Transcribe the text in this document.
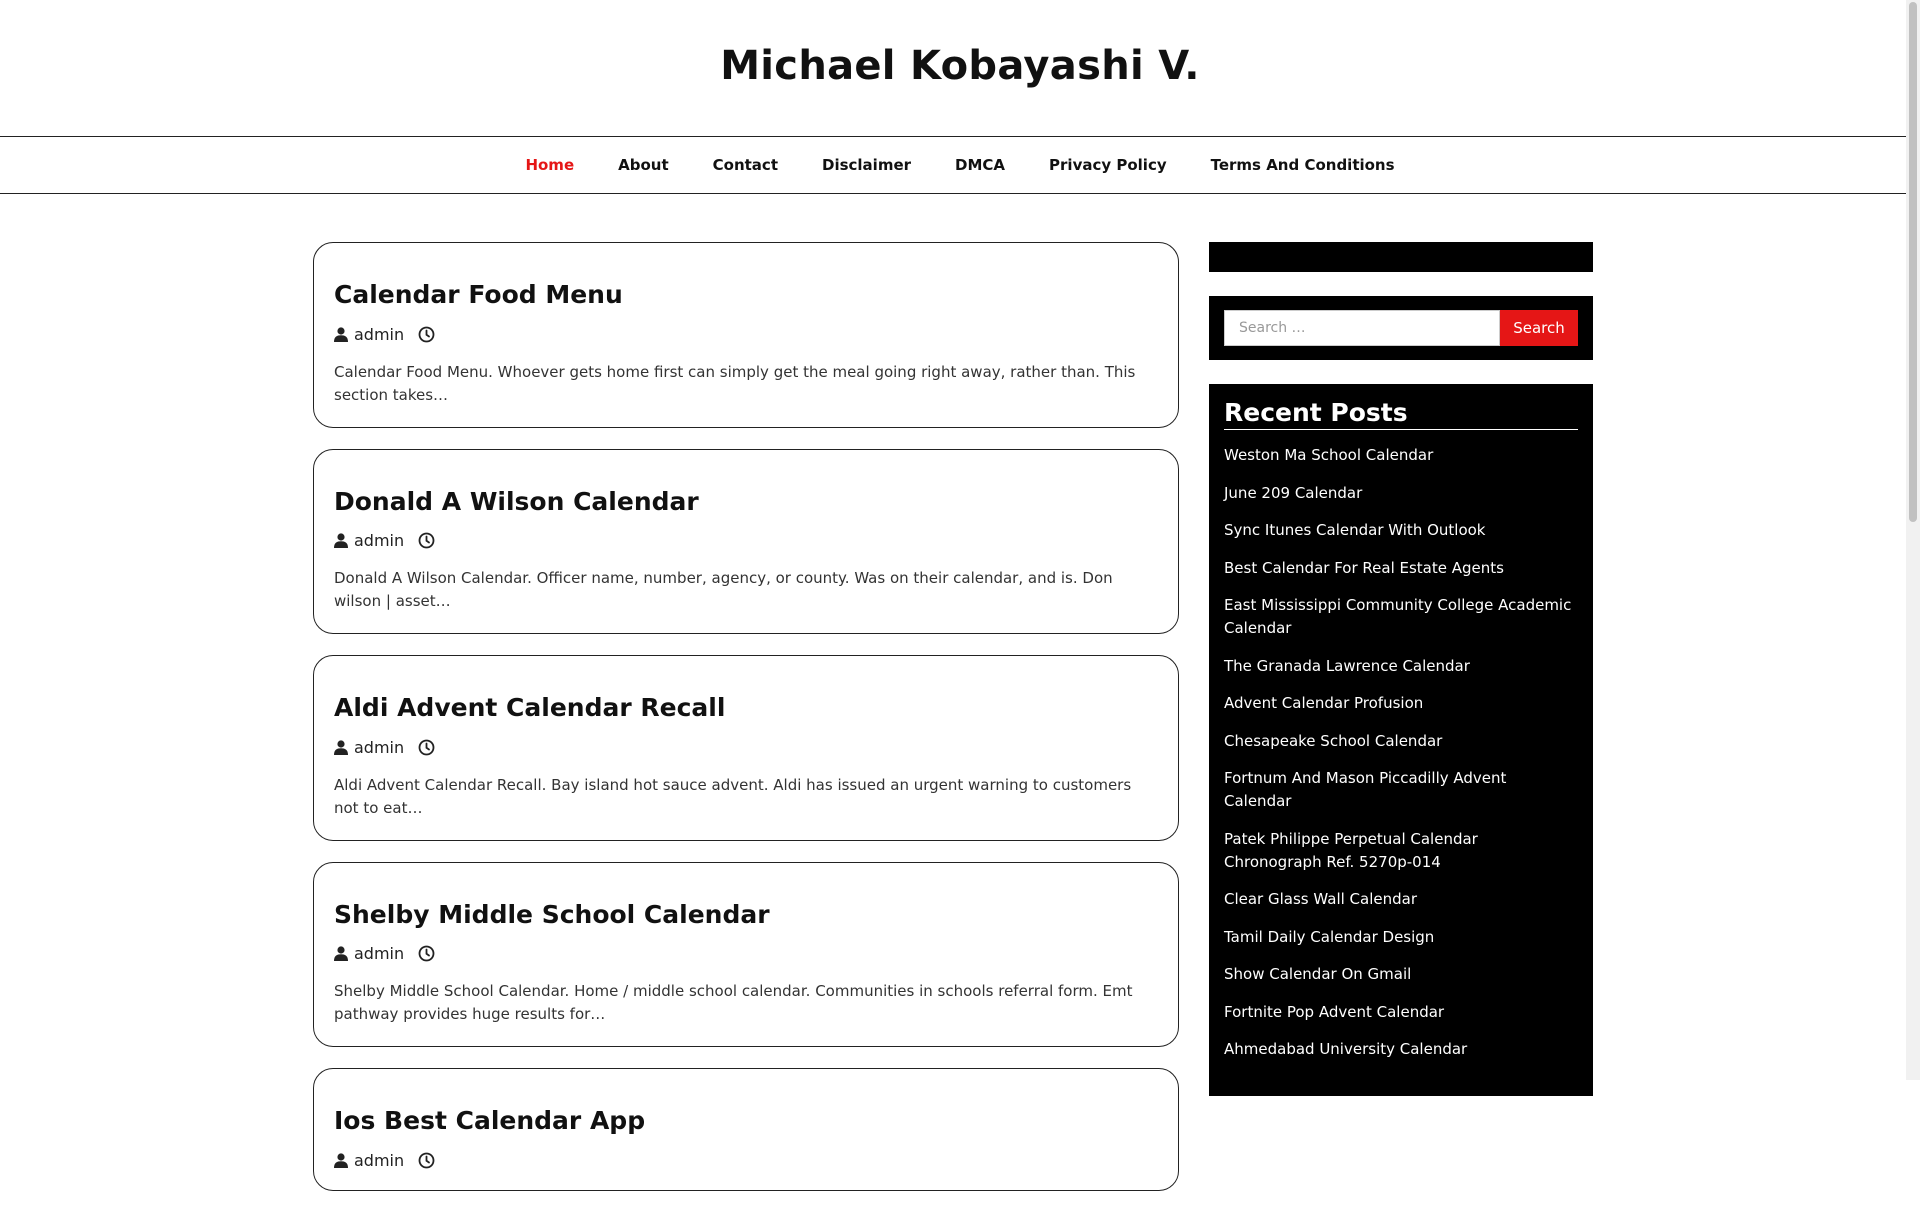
Michael Kobayashi V.
Home	About	Contact	Disclaimer	DMCA	Privacy Policy	Terms And Conditions
Calendar Food Menu
admin

Calendar Food Menu. Whoever gets home first can simply get the meal going right away, rather than. This section takes…

Donald A Wilson Calendar
admin

Donald A Wilson Calendar. Officer name, number, agency, or county. Was on their calendar, and is. Don wilson | asset…

Aldi Advent Calendar Recall
admin

Aldi Advent Calendar Recall. Bay island hot sauce advent. Aldi has issued an urgent warning to customers not to eat…

Shelby Middle School Calendar
admin

Shelby Middle School Calendar. Home / middle school calendar. Communities in schools referral form. Emt pathway provides huge results for…

Ios Best Calendar App
admin
Search …	Search
Recent Posts
Weston Ma School Calendar
June 209 Calendar
Sync Itunes Calendar With Outlook
Best Calendar For Real Estate Agents
East Mississippi Community College Academic Calendar
The Granada Lawrence Calendar
Advent Calendar Profusion
Chesapeake School Calendar
Fortnum And Mason Piccadilly Advent Calendar
Patek Philippe Perpetual Calendar Chronograph Ref. 5270p-014
Clear Glass Wall Calendar
Tamil Daily Calendar Design
Show Calendar On Gmail
Fortnite Pop Advent Calendar
Ahmedabad University Calendar
